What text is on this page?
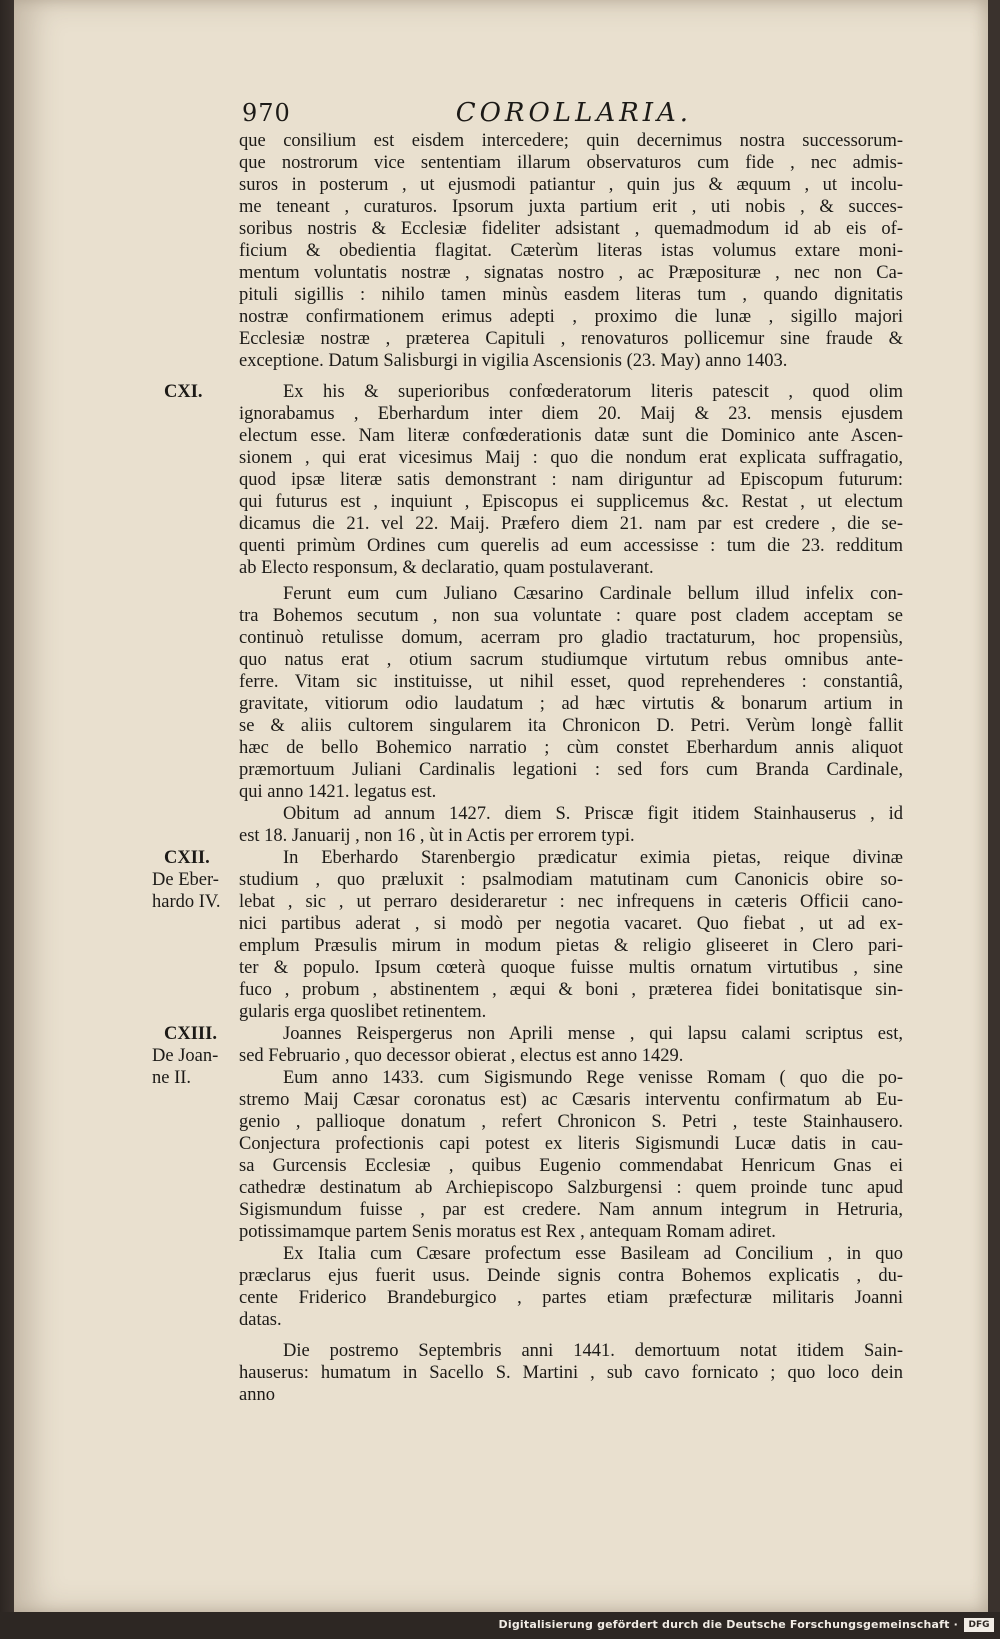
970	COROLLARIA.
que consilium est eisdem intercedere; quin decernimus nostra successorum-
que nostrorum vice sententiam illarum observaturos cum fide , nec admis-
suros in posterum , ut ejusmodi patiantur , quin jus & æquum , ut incolu-
me teneant , curaturos. Ipsorum juxta partium erit , uti nobis , & succes-
soribus nostris & Ecclesiæ fideliter adsistant , quemadmodum id ab eis of-
ficium & obedientia flagitat. Cæterùm literas istas volumus extare moni-
mentum voluntatis nostræ , signatas nostro , ac Præposituræ , nec non Ca-
pituli sigillis : nihilo tamen minùs easdem literas tum , quando dignitatis
nostræ confirmationem erimus adepti , proximo die lunæ , sigillo majori
Ecclesiæ nostræ , præterea Capituli , renovaturos pollicemur sine fraude &
exceptione. Datum Salisburgi in vigilia Ascensionis (23. May) anno 1403.
Ex his & superioribus confœderatorum literis patescit , quod olim
ignorabamus , Eberhardum inter diem 20. Maij & 23. mensis ejusdem
electum esse. Nam literæ confœderationis datæ sunt die Dominico ante Ascen-
sionem , qui erat vicesimus Maij : quo die nondum erat explicata suffragatio,
quod ipsæ literæ satis demonstrant : nam diriguntur ad Episcopum futurum:
qui futurus est , inquiunt , Episcopus ei supplicemus &c. Restat , ut electum
dicamus die 21. vel 22. Maij. Præfero diem 21. nam par est credere , die se-
quenti primùm Ordines cum querelis ad eum accessisse : tum die 23. redditum
ab Electo responsum, & declaratio, quam postulaverant.
CXI.
Ferunt eum cum Juliano Cæsarino Cardinale bellum illud infelix con-
tra Bohemos secutum , non sua voluntate : quare post cladem acceptam se
continuò retulisse domum, acerram pro gladio tractaturum, hoc propensiùs,
quo natus erat , otium sacrum studiumque virtutum rebus omnibus ante-
ferre. Vitam sic instituisse, ut nihil esset, quod reprehenderes : constantiâ,
gravitate, vitiorum odio laudatum ; ad hæc virtutis & bonarum artium in
se & aliis cultorem singularem ita Chronicon D. Petri. Verùm longè fallit
hæc de bello Bohemico narratio ; cùm constet Eberhardum annis aliquot
præmortuum Juliani Cardinalis legationi : sed fors cum Branda Cardinale,
qui anno 1421. legatus est.
Obitum ad annum 1427. diem S. Priscæ figit itidem Stainhauserus , id
est 18. Januarij , non 16 , ùt in Actis per errorem typi.
In Eberhardo Starenbergio prædicatur eximia pietas, reique divinæ
studium , quo præluxit : psalmodiam matutinam cum Canonicis obire so-
lebat , sic , ut perraro desideraretur : nec infrequens in cæteris Officii cano-
nici partibus aderat , si modò per negotia vacaret. Quo fiebat , ut ad ex-
emplum Præsulis mirum in modum pietas & religio gliseeret in Clero pari-
ter & populo. Ipsum cœterà quoque fuisse multis ornatum virtutibus , sine
fuco , probum , abstinentem , æqui & boni , præterea fidei bonitatisque sin-
gularis erga quoslibet retinentem.
CXII.
De Eber-
hardo IV.
Joannes Reispergerus non Aprili mense , qui lapsu calami scriptus est,
sed Februario , quo decessor obierat , electus est anno 1429.
CXIII.
De Joan-
ne II.	Eum anno 1433. cum Sigismundo Rege venisse Romam ( quo die po-
stremo Maij Cæsar coronatus est) ac Cæsaris interventu confirmatum ab Eu-
genio , pallioque donatum , refert Chronicon S. Petri , teste Stainhausero.
Conjectura profectionis capi potest ex literis Sigismundi Lucæ datis in cau-
sa Gurcensis Ecclesiæ , quibus Eugenio commendabat Henricum Gnas ei
cathedræ destinatum ab Archiepiscopo Salzburgensi : quem proinde tunc apud
Sigismundum fuisse , par est credere. Nam annum integrum in Hetruria,
potissimamque partem Senis moratus est Rex , antequam Romam adiret.
Ex Italia cum Cæsare profectum esse Basileam ad Concilium , in quo
præclarus ejus fuerit usus. Deinde signis contra Bohemos explicatis , du-
cente Friderico Brandeburgico , partes etiam præfecturæ militaris Joanni
datas.
Die postremo Septembris anni 1441. demortuum notat itidem Sain-
hauserus: humatum in Sacello S. Martini , sub cavo fornicato ; quo loco dein
anno
Digitalisierung gefördert durch die Deutsche Forschungsgemeinschaft ·	DFG
